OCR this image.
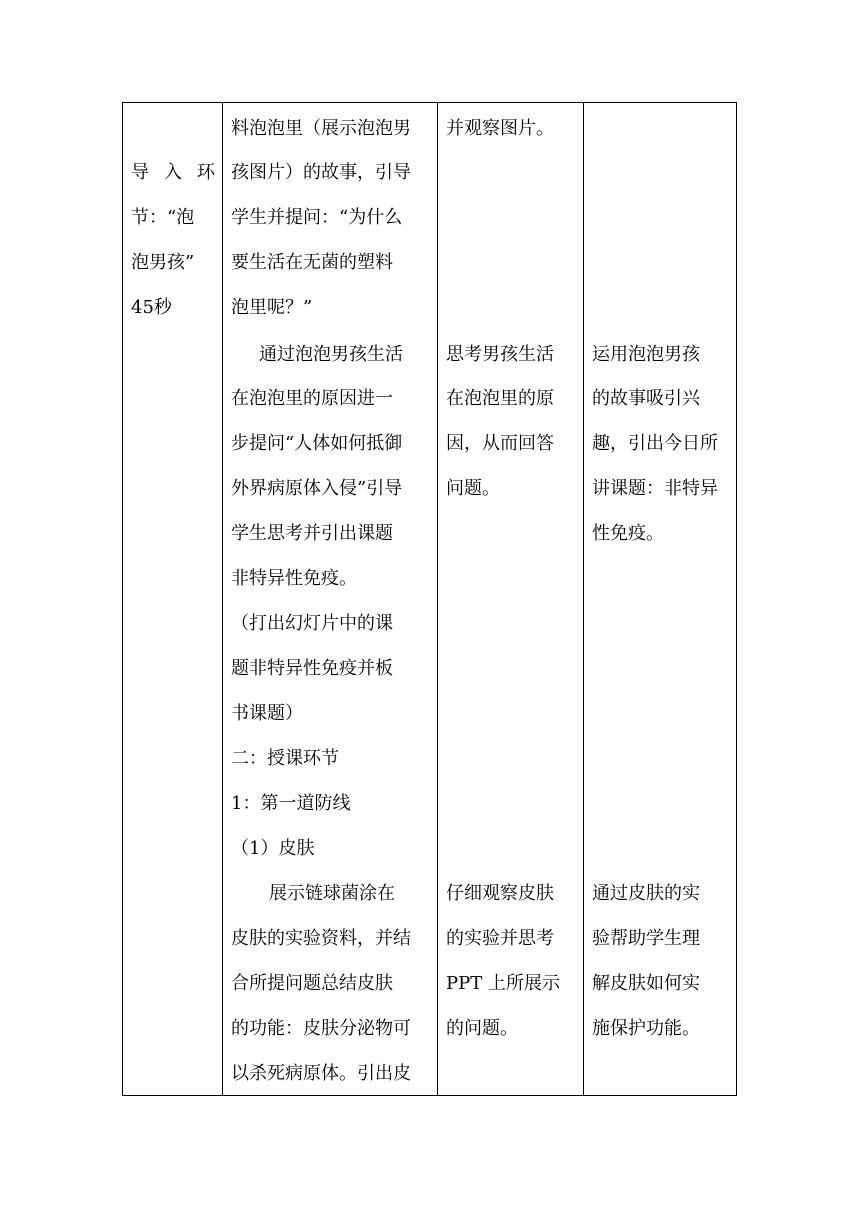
导 入 环
节：“泡
泡男孩”
45秒
料泡泡里（展示泡泡男
孩图片）的故事，引导
学生并提问：“为什么
要生活在无菌的塑料
泡里呢？”
通过泡泡男孩生活
在泡泡里的原因进一
步提问“人体如何抵御
外界病原体入侵”引导
学生思考并引出课题
非特异性免疫。
（打出幻灯片中的课
题非特异性免疫并板
书课题）
二：授课环节
1：第一道防线
（1）皮肤
展示链球菌涂在
皮肤的实验资料，并结
合所提问题总结皮肤
的功能：皮肤分泌物可
以杀死病原体。引出皮
并观察图片。
思考男孩生活
在泡泡里的原
因，从而回答
问题。
仔细观察皮肤
的实验并思考
PPT 上所展示
的问题。
运用泡泡男孩
的故事吸引兴
趣，引出今日所
讲课题：非特异
性免疫。
通过皮肤的实
验帮助学生理
解皮肤如何实
施保护功能。
